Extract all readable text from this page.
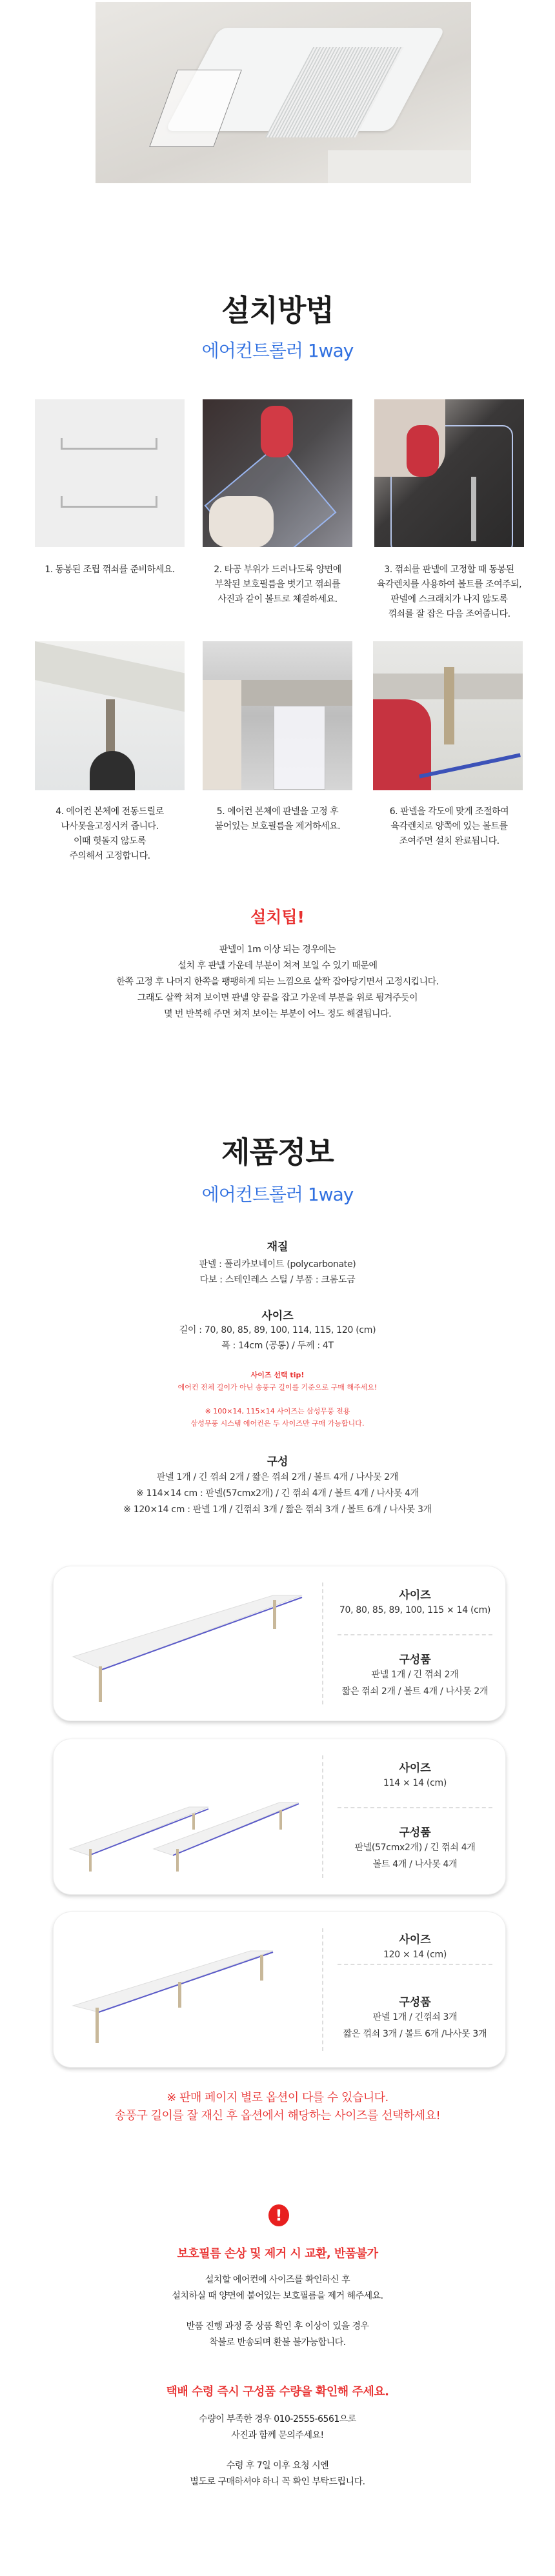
설치방법
에어컨트롤러 1way
1. 동봉된 조립 꺾쇠를 준비하세요.	2. 타공 부위가 드러나도록 양면에
부착된 보호필름을 벗기고 꺾쇠를
사진과 같이 볼트로 체결하세요.
3. 꺾쇠를 판넬에 고정할 때 동봉된
육각렌치를 사용하여 볼트를 조여주되,
판넬에 스크래치가 나지 않도록
꺾쇠를 잘 잡은 다음 조여줍니다.
4. 에어컨 본체에 전동드릴로
나사못을고정시켜 줍니다.
이때 헛돌지 않도록
주의해서 고정합니다.
5. 에어컨 본체에 판넬을 고정 후
붙어있는 보호필름을 제거하세요.
6. 판넬을 각도에 맞게 조절하여
육각렌치로 양쪽에 있는 볼트를
조여주면 설치 완료됩니다.
설치팁!
판넬이 1m 이상 되는 경우에는
설치 후 판넬 가운데 부분이 쳐져 보일 수 있기 때문에
한쪽 고정 후 나머지 한쪽을 팽팽하게 되는 느낌으로 살짝 잡아당기면서 고정시킵니다.
그래도 살짝 쳐져 보이면 판넬 양 끝을 잡고 가운데 부분을 위로 튕겨주듯이
몇 번 반복해 주면 쳐져 보이는 부분이 어느 정도 해결됩니다.
제품정보
에어컨트롤러 1way
재질
판넬 : 폴리카보네이트 (polycarbonate)
다보 : 스테인레스 스틸 / 부품 : 크롬도금
사이즈
길이 : 70, 80, 85, 89, 100, 114, 115, 120 (cm)
폭 : 14cm (공통) / 두께 : 4T
사이즈 선택 tip!
에어컨 전체 길이가 아닌 송풍구 길이를 기준으로 구매 해주세요!
※ 100×14, 115×14 사이즈는 삼성무풍 전용
삼성무풍 시스템 에어컨은 두 사이즈만 구매 가능합니다.
구성
판넬 1개 / 긴 꺾쇠 2개 / 짧은 꺾쇠 2개 / 볼트 4개 / 나사못 2개
※ 114×14 cm : 판넬(57cmx2개) / 긴 꺾쇠 4개 / 볼트 4개 / 나사못 4개
※ 120×14 cm : 판넬 1개 / 긴꺾쇠 3개 / 짧은 꺾쇠 3개 / 볼트 6개 / 나사못 3개
사이즈
70, 80, 85, 89, 100, 115 × 14 (cm)
구성품
판넬 1개 / 긴 꺾쇠 2개
짧은 꺾쇠 2개 / 볼트 4개 / 나사못 2개
사이즈
114 × 14 (cm)
구성품
판넬(57cmx2개) / 긴 꺾쇠 4개
볼트 4개 / 나사못 4개
사이즈
120 × 14 (cm)
구성품
판넬 1개 / 긴꺾쇠 3개
짧은 꺾쇠 3개 / 볼트 6개 /나사못 3개
※ 판매 페이지 별로 옵션이 다를 수 있습니다.
송풍구 길이를 잘 재신 후 옵션에서 해당하는 사이즈를 선택하세요!
!
보호필름 손상 및 제거 시 교환, 반품불가
설치할 에어컨에 사이즈를 확인하신 후
설치하실 때 양면에 붙어있는 보호필름을 제거 해주세요.
반품 진행 과정 중 상품 확인 후 이상이 있을 경우
착불로 반송되며 환불 불가능합니다.
택배 수령 즉시 구성품 수량을 확인해 주세요.
수량이 부족한 경우 010-2555-6561으로
사진과 함께 문의주세요!
수령 후 7일 이후 요청 시엔
별도로 구매하셔야 하니 꼭 확인 부탁드립니다.
